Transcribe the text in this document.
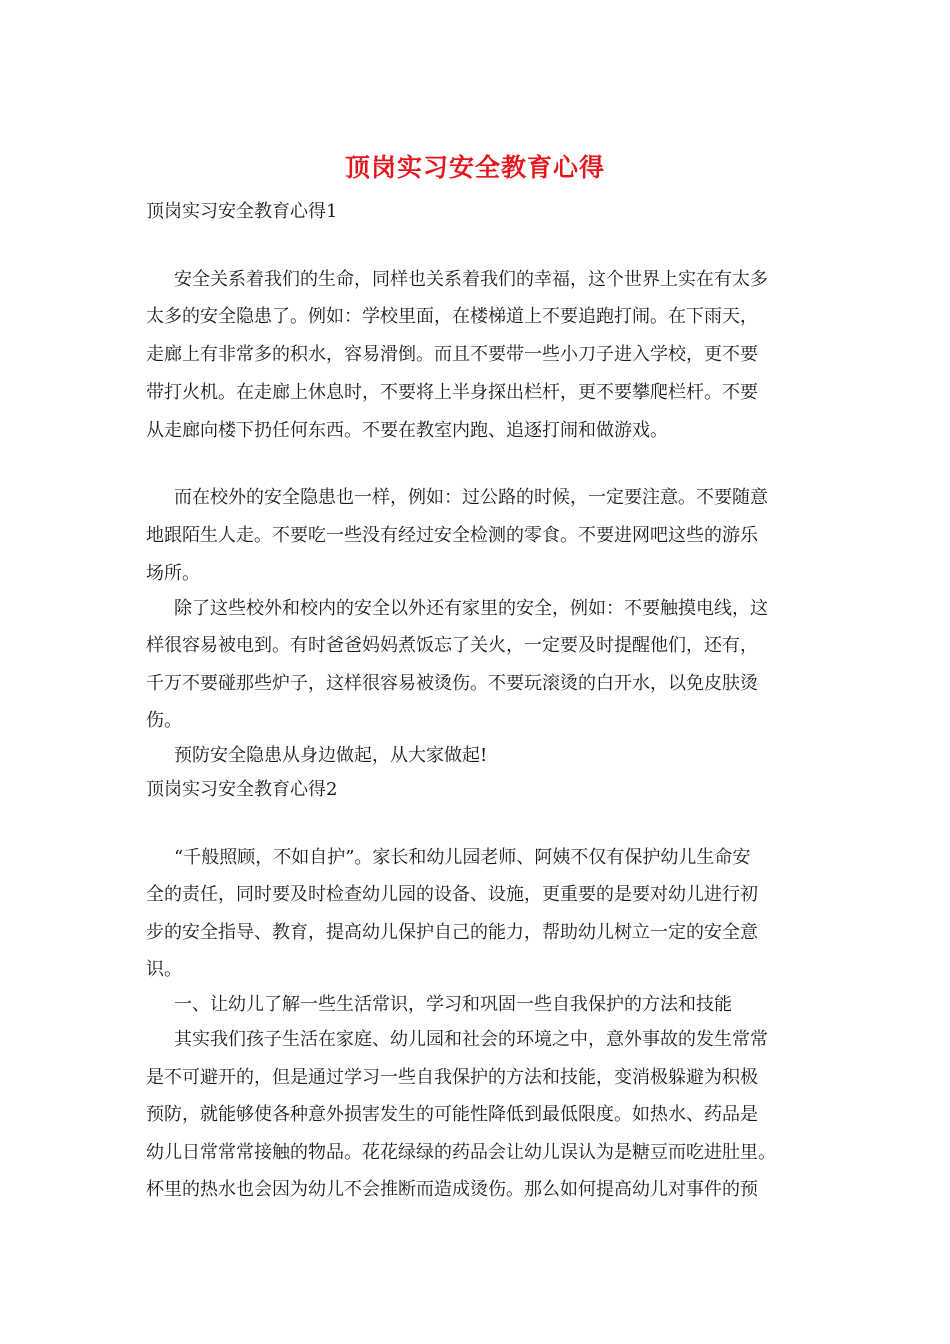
顶岗实习安全教育心得

顶岗实习安全教育心得1

安全关系着我们的生命，同样也关系着我们的幸福，这个世界上实在有太多

太多的安全隐患了。例如：学校里面，在楼梯道上不要追跑打闹。在下雨天，

走廊上有非常多的积水，容易滑倒。而且不要带一些小刀子进入学校，更不要

带打火机。在走廊上休息时，不要将上半身探出栏杆，更不要攀爬栏杆。不要

从走廊向楼下扔任何东西。不要在教室内跑、追逐打闹和做游戏。

而在校外的安全隐患也一样，例如：过公路的时候，一定要注意。不要随意

地跟陌生人走。不要吃一些没有经过安全检测的零食。不要进网吧这些的游乐

场所。

除了这些校外和校内的安全以外还有家里的安全，例如：不要触摸电线，这

样很容易被电到。有时爸爸妈妈煮饭忘了关火，一定要及时提醒他们，还有，

千万不要碰那些炉子，这样很容易被烫伤。不要玩滚烫的白开水，以免皮肤烫

伤。

预防安全隐患从身边做起，从大家做起!

顶岗实习安全教育心得2

“千般照顾，不如自护”。家长和幼儿园老师、阿姨不仅有保护幼儿生命安

全的责任，同时要及时检查幼儿园的设备、设施，更重要的是要对幼儿进行初

步的安全指导、教育，提高幼儿保护自己的能力，帮助幼儿树立一定的安全意

识。

一、让幼儿了解一些生活常识，学习和巩固一些自我保护的方法和技能

其实我们孩子生活在家庭、幼儿园和社会的环境之中，意外事故的发生常常

是不可避开的，但是通过学习一些自我保护的方法和技能，变消极躲避为积极

预防，就能够使各种意外损害发生的可能性降低到最低限度。如热水、药品是

幼儿日常常常接触的物品。花花绿绿的药品会让幼儿误认为是糖豆而吃进肚里。

杯里的热水也会因为幼儿不会推断而造成烫伤。那么如何提高幼儿对事件的预
